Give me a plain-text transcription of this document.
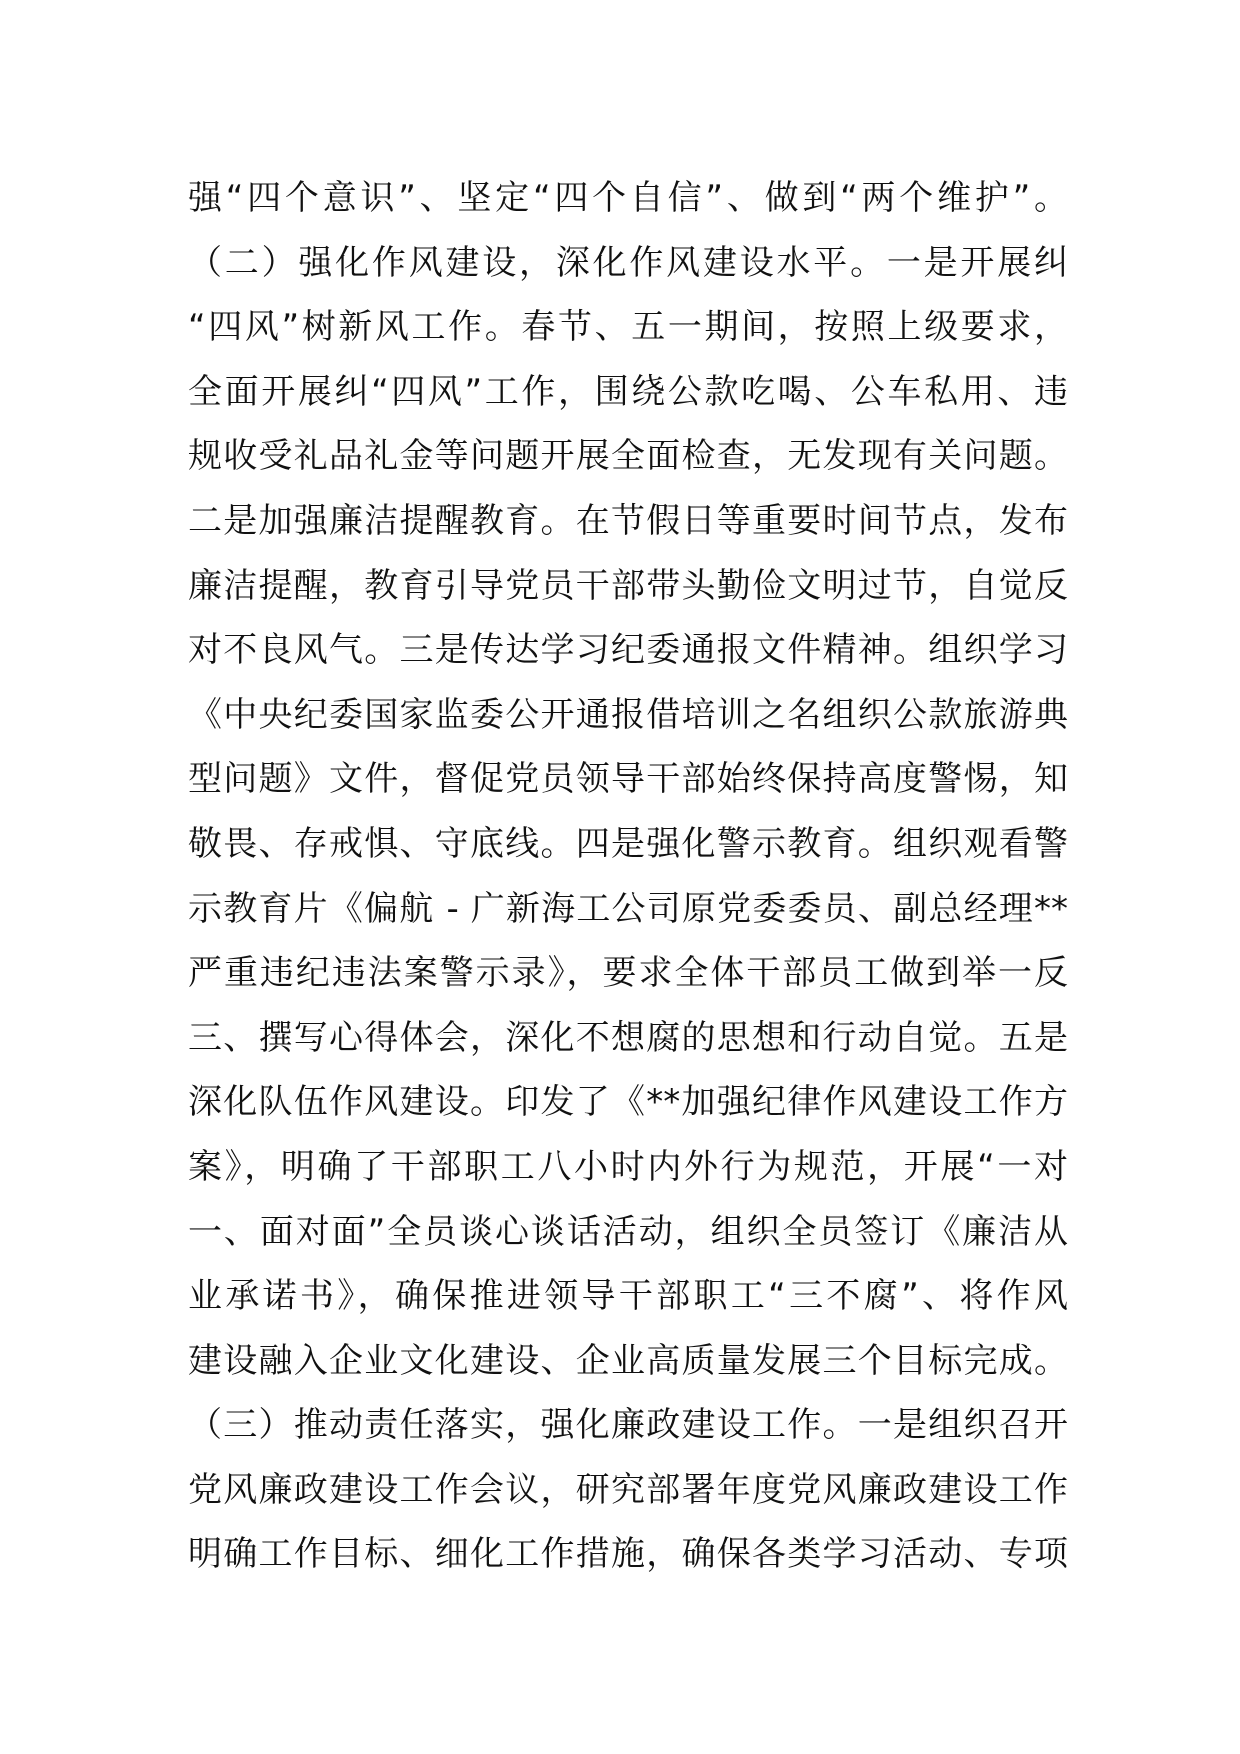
强“四个意识”、坚定“四个自信”、做到“两个维护”。
（二）强化作风建设，深化作风建设水平。一是开展纠
“四风”树新风工作。春节、五一期间，按照上级要求，
全面开展纠“四风”工作，围绕公款吃喝、公车私用、违
规收受礼品礼金等问题开展全面检查，无发现有关问题。
二是加强廉洁提醒教育。在节假日等重要时间节点，发布
廉洁提醒，教育引导党员干部带头勤俭文明过节，自觉反
对不良风气。三是传达学习纪委通报文件精神。组织学习
《中央纪委国家监委公开通报借培训之名组织公款旅游典
型问题》文件，督促党员领导干部始终保持高度警惕，知
敬畏、存戒惧、守底线。四是强化警示教育。组织观看警
示教育片《偏航 - 广新海工公司原党委委员、副总经理**
严重违纪违法案警示录》，要求全体干部员工做到举一反
三、撰写心得体会，深化不想腐的思想和行动自觉。五是
深化队伍作风建设。印发了《**加强纪律作风建设工作方
案》，明确了干部职工八小时内外行为规范，开展“一对
一、面对面”全员谈心谈话活动，组织全员签订《廉洁从
业承诺书》，确保推进领导干部职工“三不腐”、将作风
建设融入企业文化建设、企业高质量发展三个目标完成。
（三）推动责任落实，强化廉政建设工作。一是组织召开
党风廉政建设工作会议，研究部署年度党风廉政建设工作
明确工作目标、细化工作措施，确保各类学习活动、专项
